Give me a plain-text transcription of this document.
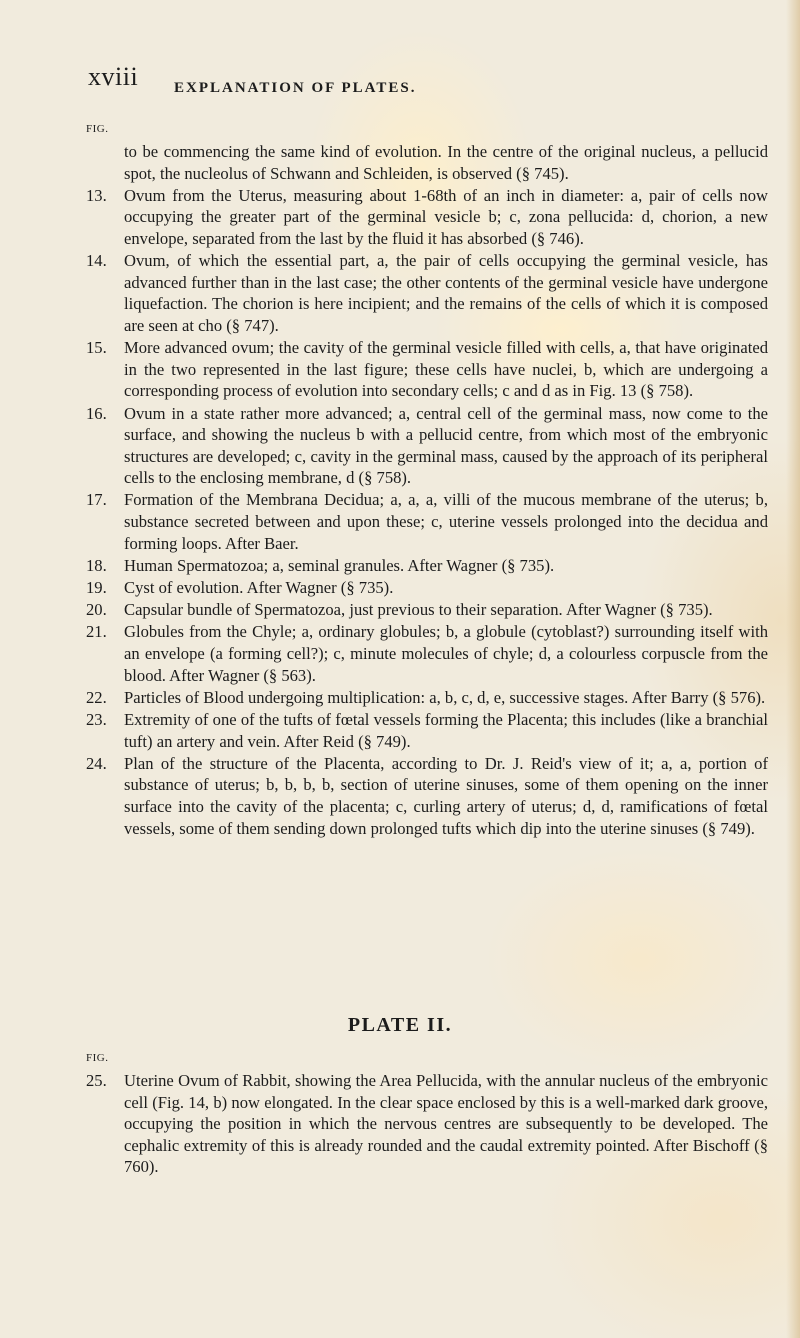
xviii EXPLANATION OF PLATES.
FIG.
to be commencing the same kind of evolution. In the centre of the original nucleus, a pellucid spot, the nucleolus of Schwann and Schleiden, is observed (§ 745).
13. Ovum from the Uterus, measuring about 1-68th of an inch in diameter: a, pair of cells now occupying the greater part of the germinal vesicle b; c, zona pellucida: d, chorion, a new envelope, separated from the last by the fluid it has absorbed (§ 746).
14. Ovum, of which the essential part, a, the pair of cells occupying the germinal vesicle, has advanced further than in the last case; the other contents of the germinal vesicle have undergone liquefaction. The chorion is here incipient; and the remains of the cells of which it is composed are seen at cho (§ 747).
15. More advanced ovum; the cavity of the germinal vesicle filled with cells, a, that have originated in the two represented in the last figure; these cells have nuclei, b, which are undergoing a corresponding process of evolution into secondary cells; c and d as in Fig. 13 (§ 758).
16. Ovum in a state rather more advanced; a, central cell of the germinal mass, now come to the surface, and showing the nucleus b with a pellucid centre, from which most of the embryonic structures are developed; c, cavity in the germinal mass, caused by the approach of its peripheral cells to the enclosing membrane, d (§ 758).
17. Formation of the Membrana Decidua; a, a, a, villi of the mucous membrane of the uterus; b, substance secreted between and upon these; c, uterine vessels prolonged into the decidua and forming loops. After Baer.
18. Human Spermatozoa; a, seminal granules. After Wagner (§ 735).
19. Cyst of evolution. After Wagner (§ 735).
20. Capsular bundle of Spermatozoa, just previous to their separation. After Wagner (§ 735).
21. Globules from the Chyle; a, ordinary globules; b, a globule (cytoblast?) surrounding itself with an envelope (a forming cell?); c, minute molecules of chyle; d, a colourless corpuscle from the blood. After Wagner (§ 563).
22. Particles of Blood undergoing multiplication: a, b, c, d, e, successive stages. After Barry (§ 576).
23. Extremity of one of the tufts of fœtal vessels forming the Placenta; this includes (like a branchial tuft) an artery and vein. After Reid (§ 749).
24. Plan of the structure of the Placenta, according to Dr. J. Reid's view of it; a, a, portion of substance of uterus; b, b, b, b, section of uterine sinuses, some of them opening on the inner surface into the cavity of the placenta; c, curling artery of uterus; d, d, ramifications of fœtal vessels, some of them sending down prolonged tufts which dip into the uterine sinuses (§ 749).
PLATE II.
FIG.
25. Uterine Ovum of Rabbit, showing the Area Pellucida, with the annular nucleus of the embryonic cell (Fig. 14, b) now elongated. In the clear space enclosed by this is a well-marked dark groove, occupying the position in which the nervous centres are subsequently to be developed. The cephalic extremity of this is already rounded and the caudal extremity pointed. After Bischoff (§ 760).
